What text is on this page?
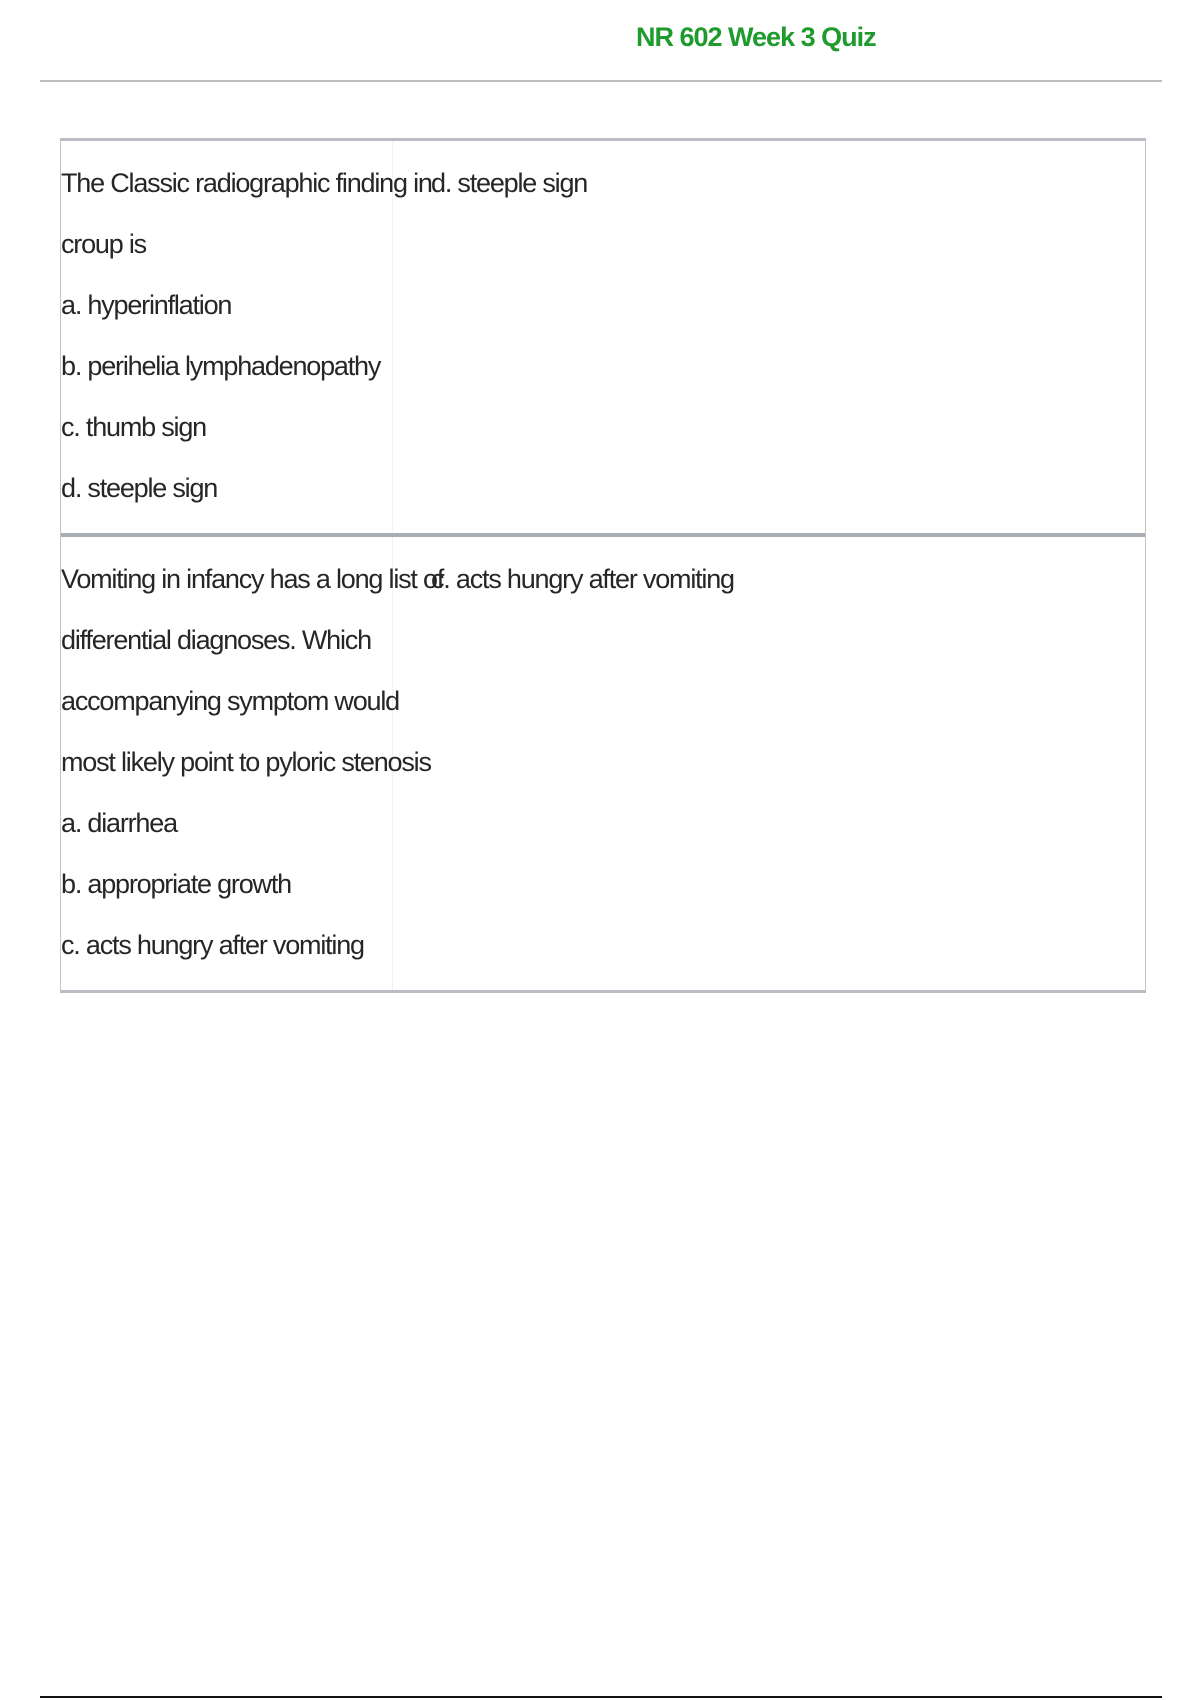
NR 602 Week 3 Quiz
The Classic radiographic finding in
croup is
a. hyperinflation
b. perihelia lymphadenopathy
c. thumb sign
d. steeple sign
d. steeple sign
Vomiting in infancy has a long list of
differential diagnoses. Which
accompanying symptom would
most likely point to pyloric stenosis
a. diarrhea
b. appropriate growth
c. acts hungry after vomiting
c. acts hungry after vomiting
